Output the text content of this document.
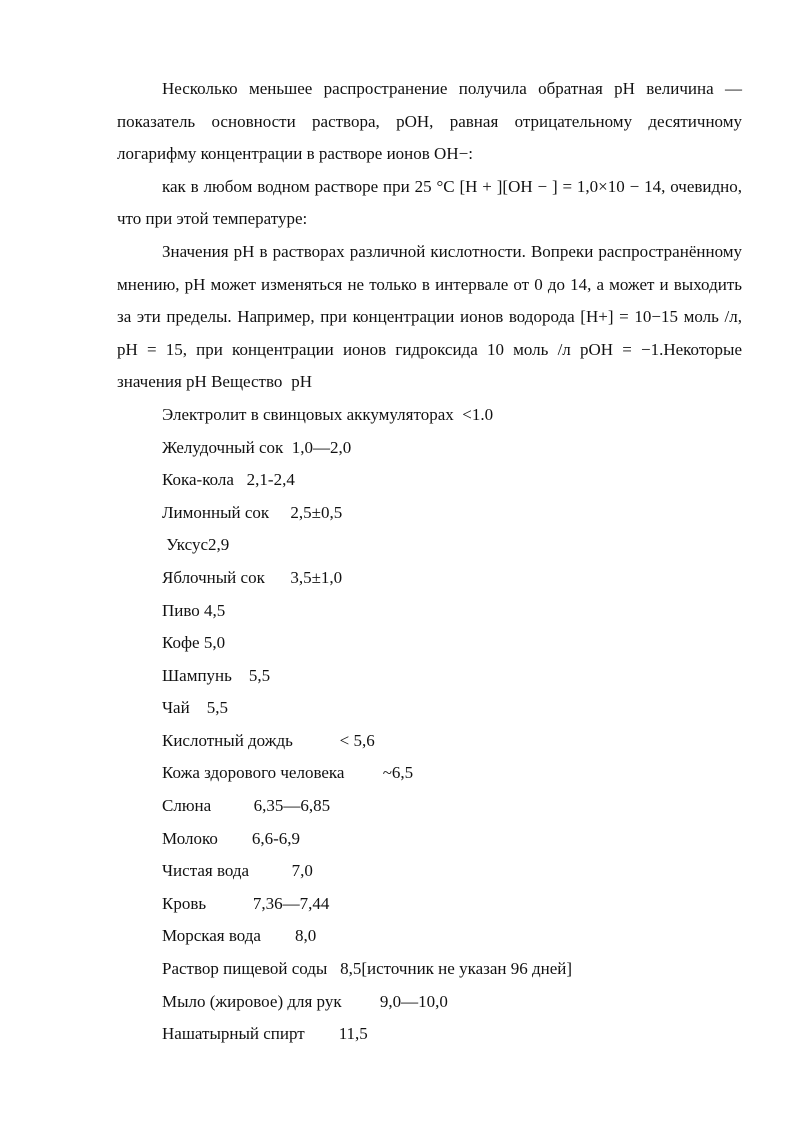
Несколько меньшее распространение получила обратная pH величина — показатель основности раствора, pOH, равная отрицательному десятичному логарифму концентрации в растворе ионов OH−:

как в любом водном растворе при 25 °C [H + ][OH − ] = 1,0×10 − 14, очевидно, что при этой температуре:

Значения pH в растворах различной кислотности. Вопреки распространённому мнению, pH может изменяться не только в интервале от 0 до 14, а может и выходить за эти пределы. Например, при концентрации ионов водорода [H+] = 10−15 моль /л, pH = 15, при концентрации ионов гидроксида 10 моль /л pOH = −1.Некоторые значения pH Вещество	pH

Электролит в свинцовых аккумуляторах <1.0
Желудочный сок 1,0—2,0
Кока-кола 2,1-2,4
Лимонный сок 2,5±0,5
Уксус2,9
Яблочный сок 3,5±1,0
Пиво 4,5
Кофе 5,0
Шампунь 5,5
Чай 5,5
Кислотный дождь	< 5,6
Кожа здорового человека ~6,5
Слюна	6,35—6,85
Молоко 6,6-6,9
Чистая вода	7,0
Кровь	7,36—7,44
Морская вода 8,0
Раствор пищевой соды 8,5[источник не указан 96 дней]
Мыло (жировое) для рук 9,0—10,0
Нашатырный спирт 11,5
